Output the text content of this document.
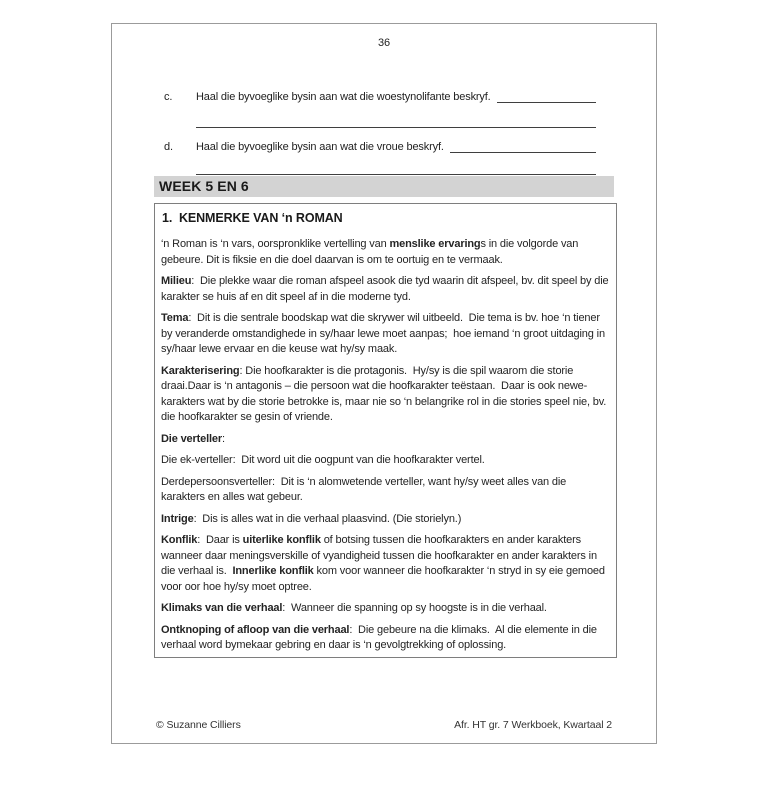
36
c.	Haal die byvoeglike bysin aan wat die woestynolifante beskryf.
d.	Haal die byvoeglike bysin aan wat die vroue beskryf.
WEEK 5 EN 6
1.  KENMERKE VAN ‘n ROMAN

‘n Roman is ‘n vars, oorspronklike vertelling van menslike ervarings in die volgorde van gebeure. Dit is fiksie en die doel daarvan is om te oortuig en te vermaak.

Milieu:  Die plekke waar die roman afspeel asook die tyd waarin dit afspeel, bv. dit speel by die karakter se huis af en dit speel af in die moderne tyd.

Tema:  Dit is die sentrale boodskap wat die skrywer wil uitbeeld.  Die tema is bv. hoe ‘n tiener by veranderde omstandighede in sy/haar lewe moet aanpas;  hoe iemand ‘n groot uitdaging in sy/haar lewe ervaar en die keuse wat hy/sy maak.

Karakterisering: Die hoofkarakter is die protagonis.  Hy/sy is die spil waarom die storie draai.Daar is ‘n antagonis – die persoon wat die hoofkarakter teëstaan.  Daar is ook newe-karakters wat by die storie betrokke is, maar nie so ‘n belangrike rol in die stories speel nie, bv. die hoofkarakter se gesin of vriende.

Die verteller:

Die ek-verteller:  Dit word uit die oogpunt van die hoofkarakter vertel.

Derdepersoonsverteller:  Dit is ‘n alomwetende verteller, want hy/sy weet alles van die karakters en alles wat gebeur.

Intrige:  Dis is alles wat in die verhaal plaasvind. (Die storielyn.)

Konflik:  Daar is uiterlike konflik of botsing tussen die hoofkarakters en ander karakters wanneer daar meningsverskille of vyandigheid tussen die hoofkarakter en ander karakters in die verhaal is.  Innerlike konflik kom voor wanneer die hoofkarakter ‘n stryd in sy eie gemoed voor oor hoe hy/sy moet optree.

Klimaks van die verhaal:  Wanneer die spanning op sy hoogste is in die verhaal.

Ontknoping of afloop van die verhaal:  Die gebeure na die klimaks.  Al die elemente in die verhaal word bymekaar gebring en daar is ‘n gevolgtrekking of oplossing.

© Suzanne Cilliers	Afr. HT gr. 7 Werkboek, Kwartaal 2
